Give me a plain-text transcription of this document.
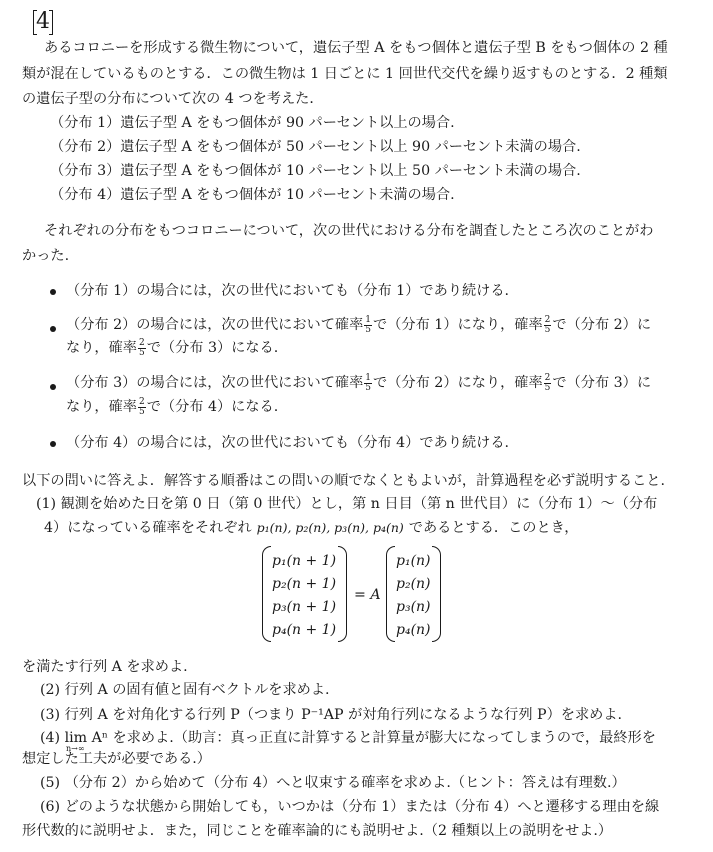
4
あるコロニーを形成する微生物について，遺伝子型 A をもつ個体と遺伝子型 B をもつ個体の 2 種
類が混在しているものとする．この微生物は 1 日ごとに 1 回世代交代を繰り返すものとする．2 種類
の遺伝子型の分布について次の 4 つを考えた．
（分布 1）遺伝子型 A をもつ個体が 90 パーセント以上の場合.
（分布 2）遺伝子型 A をもつ個体が 50 パーセント以上 90 パーセント未満の場合.
（分布 3）遺伝子型 A をもつ個体が 10 パーセント以上 50 パーセント未満の場合.
（分布 4）遺伝子型 A をもつ個体が 10 パーセント未満の場合.
それぞれの分布をもつコロニーについて，次の世代における分布を調査したところ次のことがわ
かった.
（分布 1）の場合には，次の世代においても（分布 1）であり続ける.
（分布 2）の場合には，次の世代において確率 $\frac{1}{5}$ で（分布 1）になり，確率 $\frac{2}{5}$ で（分布 2）に
なり，確率 $\frac{2}{5}$ で（分布 3）になる.
（分布 3）の場合には，次の世代において確率 $\frac{1}{5}$ で（分布 2）になり，確率 $\frac{2}{5}$ で（分布 3）に
なり，確率 $\frac{2}{5}$ で（分布 4）になる.
（分布 4）の場合には，次の世代においても（分布 4）であり続ける.
以下の問いに答えよ．解答する順番はこの問いの順でなくともよいが，計算過程を必ず説明すること.
(1) 観測を始めた日を第 0 日（第 0 世代）とし，第 n 日目（第 n 世代目）に（分布 1）〜（分布
4）になっている確率をそれぞれ p₁(n), p₂(n), p₃(n), p₄(n) であるとする．このとき，
p₁(n + 1)
p₂(n + 1)
p₃(n + 1)
p₄(n + 1)
= A
p₁(n)
p₂(n)
p₃(n)
p₄(n)
を満たす行列 A を求めよ.
(2) 行列 A の固有値と固有ベクトルを求めよ.
(3) 行列 A を対角化する行列 P（つまり P⁻¹AP が対角行列になるような行列 P）を求めよ.
(4) lim Aⁿ を求めよ.（助言：真っ正直に計算すると計算量が膨大になってしまうので，最終形を
n→∞
想定した工夫が必要である.）
(5) （分布 2）から始めて（分布 4）へと収束する確率を求めよ.（ヒント：答えは有理数.）
(6) どのような状態から開始しても，いつかは（分布 1）または（分布 4）へと遷移する理由を線
形代数的に説明せよ．また，同じことを確率論的にも説明せよ.（2 種類以上の説明をせよ.）
